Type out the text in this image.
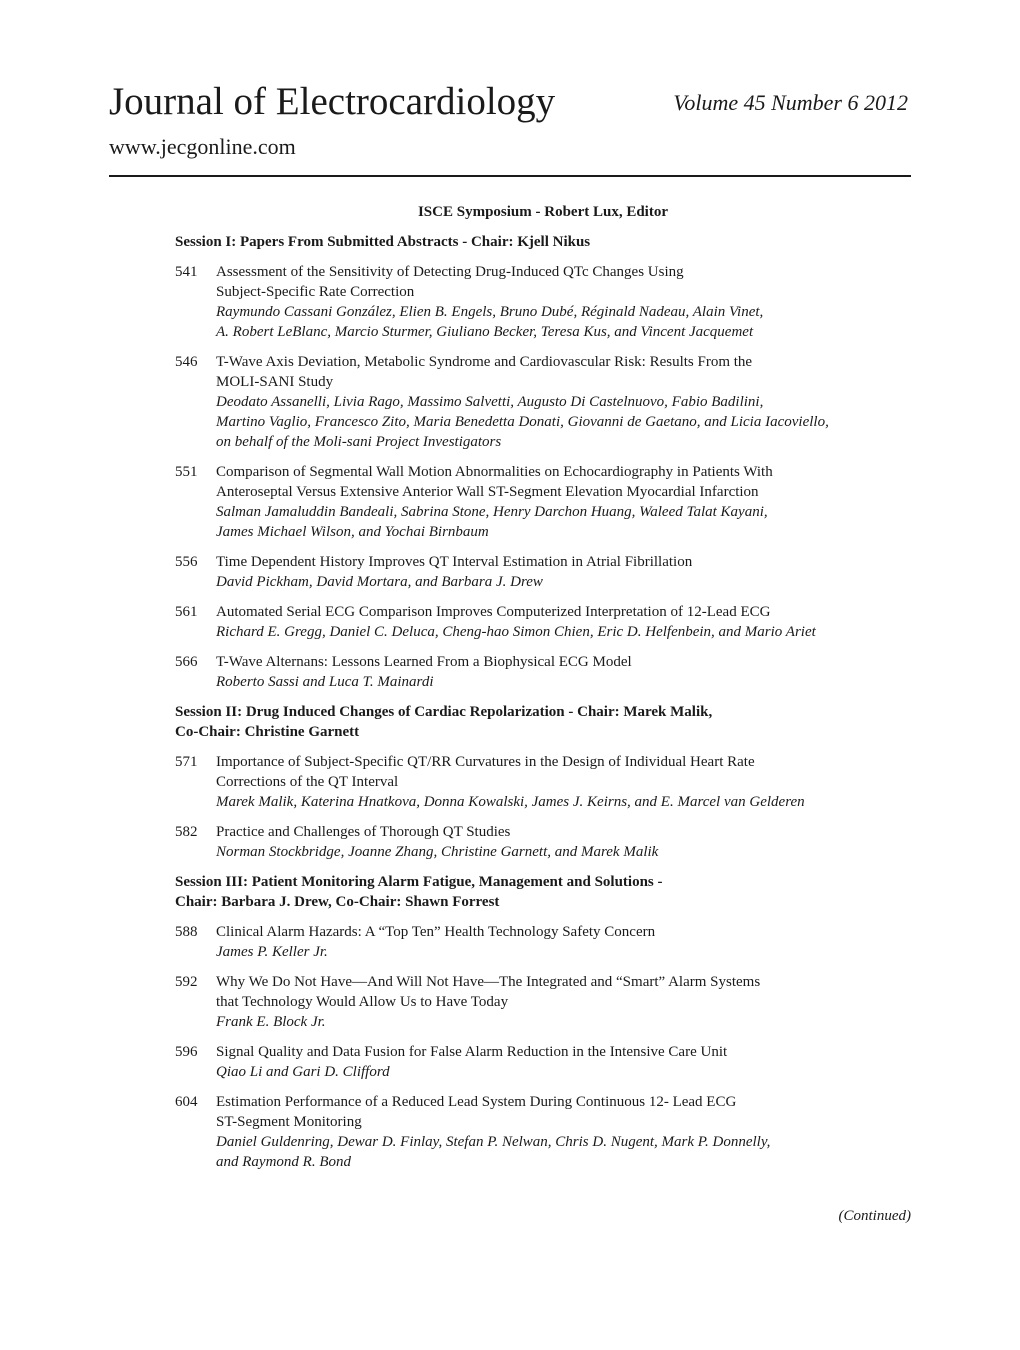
Journal of Electrocardiology	Volume 45 Number 6 2012
www.jecgonline.com
ISCE Symposium - Robert Lux, Editor
Session I: Papers From Submitted Abstracts - Chair: Kjell Nikus
541 Assessment of the Sensitivity of Detecting Drug-Induced QTc Changes Using
Subject-Specific Rate Correction
Raymundo Cassani González, Elien B. Engels, Bruno Dubé, Réginald Nadeau, Alain Vinet,
A. Robert LeBlanc, Marcio Sturmer, Giuliano Becker, Teresa Kus, and Vincent Jacquemet
546 T-Wave Axis Deviation, Metabolic Syndrome and Cardiovascular Risk: Results From the
MOLI-SANI Study
Deodato Assanelli, Livia Rago, Massimo Salvetti, Augusto Di Castelnuovo, Fabio Badilini,
Martino Vaglio, Francesco Zito, Maria Benedetta Donati, Giovanni de Gaetano, and Licia Iacoviello,
on behalf of the Moli-sani Project Investigators
551 Comparison of Segmental Wall Motion Abnormalities on Echocardiography in Patients With
Anteroseptal Versus Extensive Anterior Wall ST-Segment Elevation Myocardial Infarction
Salman Jamaluddin Bandeali, Sabrina Stone, Henry Darchon Huang, Waleed Talat Kayani,
James Michael Wilson, and Yochai Birnbaum
556 Time Dependent History Improves QT Interval Estimation in Atrial Fibrillation
David Pickham, David Mortara, and Barbara J. Drew
561 Automated Serial ECG Comparison Improves Computerized Interpretation of 12-Lead ECG
Richard E. Gregg, Daniel C. Deluca, Cheng-hao Simon Chien, Eric D. Helfenbein, and Mario Ariet
566 T-Wave Alternans: Lessons Learned From a Biophysical ECG Model
Roberto Sassi and Luca T. Mainardi
Session II: Drug Induced Changes of Cardiac Repolarization - Chair: Marek Malik,
Co-Chair: Christine Garnett
571 Importance of Subject-Specific QT/RR Curvatures in the Design of Individual Heart Rate
Corrections of the QT Interval
Marek Malik, Katerina Hnatkova, Donna Kowalski, James J. Keirns, and E. Marcel van Gelderen
582 Practice and Challenges of Thorough QT Studies
Norman Stockbridge, Joanne Zhang, Christine Garnett, and Marek Malik
Session III: Patient Monitoring Alarm Fatigue, Management and Solutions -
Chair: Barbara J. Drew, Co-Chair: Shawn Forrest
588 Clinical Alarm Hazards: A “Top Ten” Health Technology Safety Concern
James P. Keller Jr.
592 Why We Do Not Have—And Will Not Have—The Integrated and “Smart” Alarm Systems
that Technology Would Allow Us to Have Today
Frank E. Block Jr.
596 Signal Quality and Data Fusion for False Alarm Reduction in the Intensive Care Unit
Qiao Li and Gari D. Clifford
604 Estimation Performance of a Reduced Lead System During Continuous 12- Lead ECG
ST-Segment Monitoring
Daniel Guldenring, Dewar D. Finlay, Stefan P. Nelwan, Chris D. Nugent, Mark P. Donnelly,
and Raymond R. Bond
(Continued)
